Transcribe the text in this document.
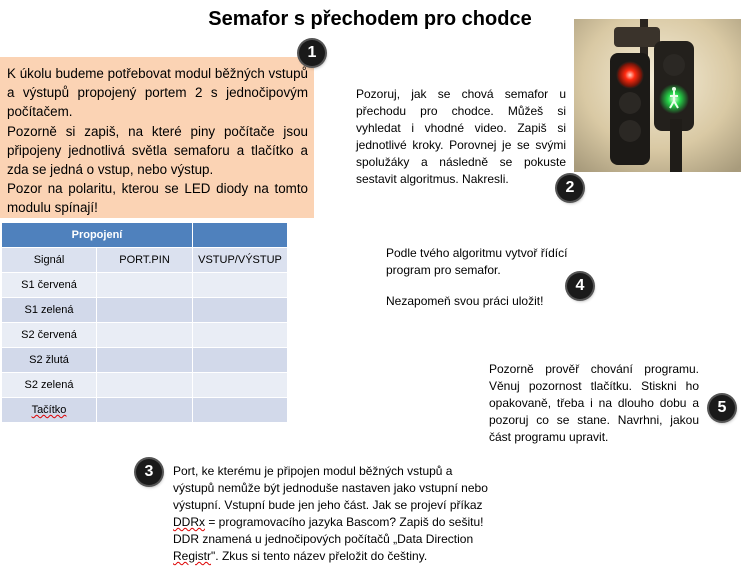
Semafor s přechodem pro chodce

K úkolu budeme potřebovat modul běžných vstupů a výstupů propojený portem 2 s jednočipovým počítačem.

Pozorně si zapiš, na které piny počítače jsou připojeny jednotlivá světla semaforu a tlačítko a zda se jedná o vstup, nebo výstup.

Pozor na polaritu, kterou se LED diody na tomto modulu spínají!

1
Pozoruj, jak se chová semafor u přechodu pro chodce. Můžeš si vyhledat i vhodné video. Zapiš si jednotlivé kroky. Porovnej je se svými spolužáky a následně se pokuste sestavit algoritmus. Nakresli.	2
Propojení		
Signál	PORT.PIN	VSTUP/VÝSTUP
S1 červená		
S1 zelená		
S2 červená		
S2 žlutá		
S2 zelená		
Tačítko		

Podle tvého algoritmu vytvoř řídící program pro semafor.

Nezapomeň svou práci uložit!

4
Pozorně prověř chování programu. Věnuj pozornost tlačítku. Stiskni ho opakovaně, třeba i na dlouho dobu a pozoruj co se stane. Navrhni, jakou část programu upravit.
5
3	Port, ke kterému je připojen modul běžných vstupů a výstupů nemůže být jednoduše nastaven jako vstupní nebo výstupní. Vstupní bude jen jeho část. Jak se projeví příkaz DDRx = programovacího jazyka Bascom? Zapiš do sešitu!

DDR znamená u jednočipových počítačů „Data Direction Registr". Zkus si tento název přeložit do češtiny.
